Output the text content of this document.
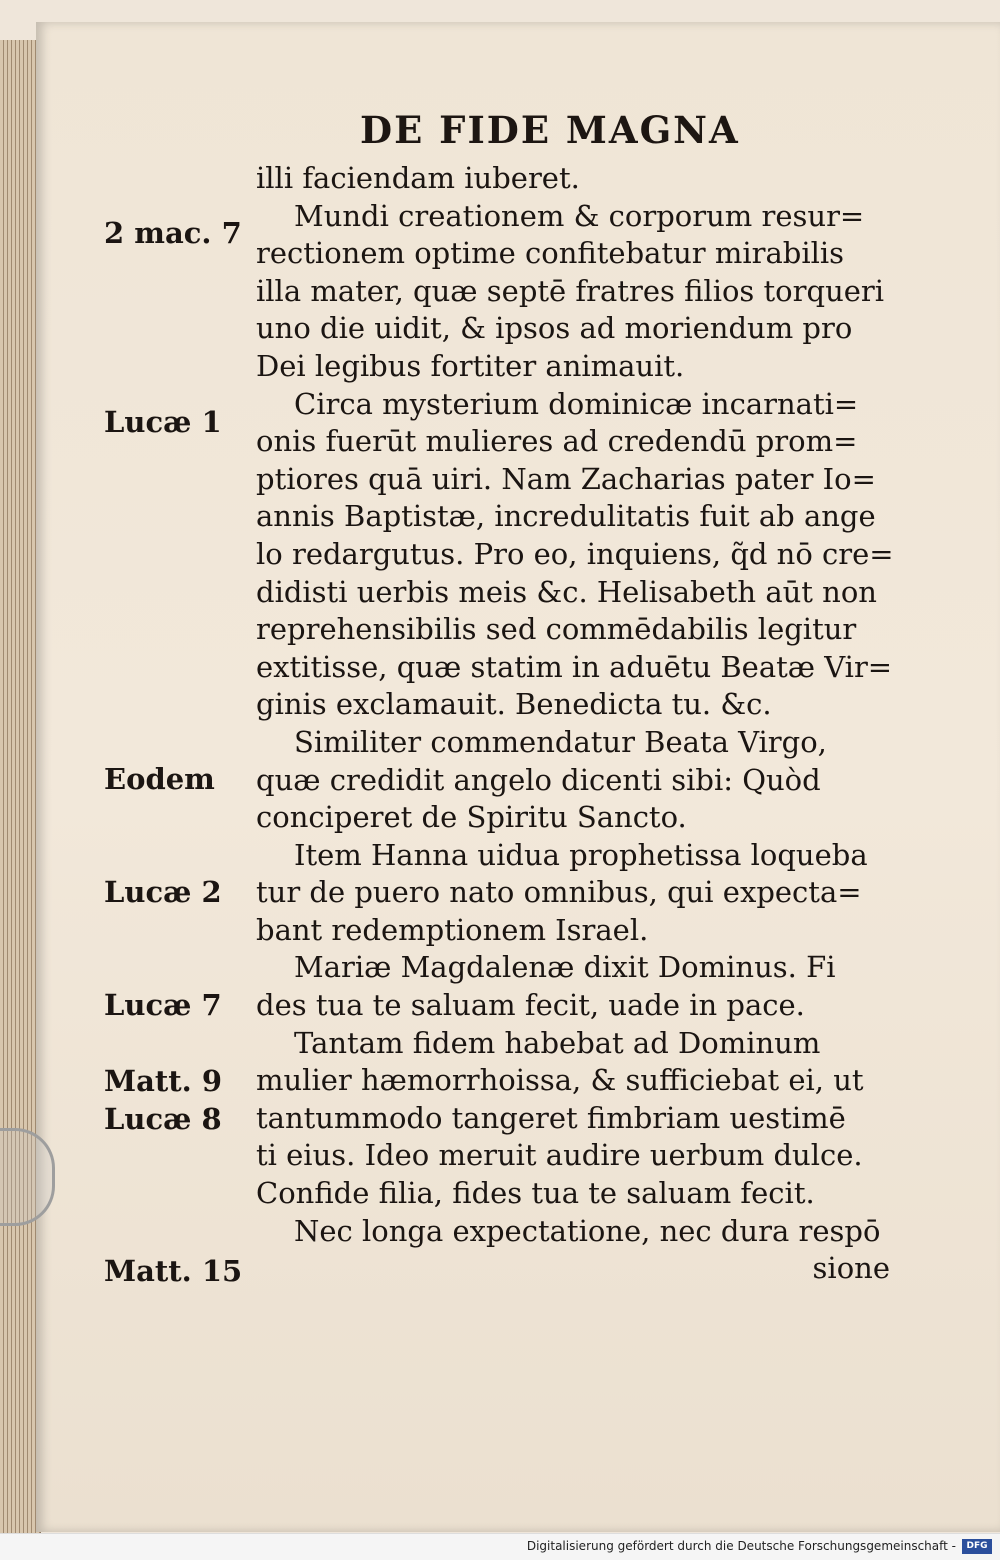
DE FIDE MAGNA
illi faciendam iuberet.
Mundi creationem & corporum resur=
rectionem optime confitebatur mirabilis
illa mater, quæ septē fratres filios torqueri
uno die uidit, & ipsos ad moriendum pro
Dei legibus fortiter animauit.
Circa mysterium dominicæ incarnati=
onis fuerūt mulieres ad credendū prom=
ptiores quā uiri. Nam Zacharias pater Io=
annis Baptistæ, incredulitatis fuit ab ange
lo redargutus. Pro eo, inquiens, q̃d nō cre=
didisti uerbis meis &c. Helisabeth aūt non
reprehensibilis sed commēdabilis legitur
extitisse, quæ statim in aduētu Beatæ Vir=
ginis exclamauit. Benedicta tu. &c.
Similiter commendatur Beata Virgo,
quæ credidit angelo dicenti sibi: Quòd
conciperet de Spiritu Sancto.
Item Hanna uidua prophetissa loqueba
tur de puero nato omnibus, qui expecta=
bant redemptionem Israel.
Mariæ Magdalenæ dixit Dominus. Fi
des tua te saluam fecit, uade in pace.
Tantam fidem habebat ad Dominum
mulier hæmorrhoissa, & sufficiebat ei, ut
tantummodo tangeret fimbriam uestimē
ti eius. Ideo meruit audire uerbum dulce.
Confide filia, fides tua te saluam fecit.
Nec longa expectatione, nec dura respō
sione
2 mac. 7
Lucæ 1
Eodem
Lucæ 2
Lucæ 7
Matt. 9
Lucæ 8
Matt. 15
Digitalisierung gefördert durch die Deutsche Forschungsgemeinschaft -	DFG
